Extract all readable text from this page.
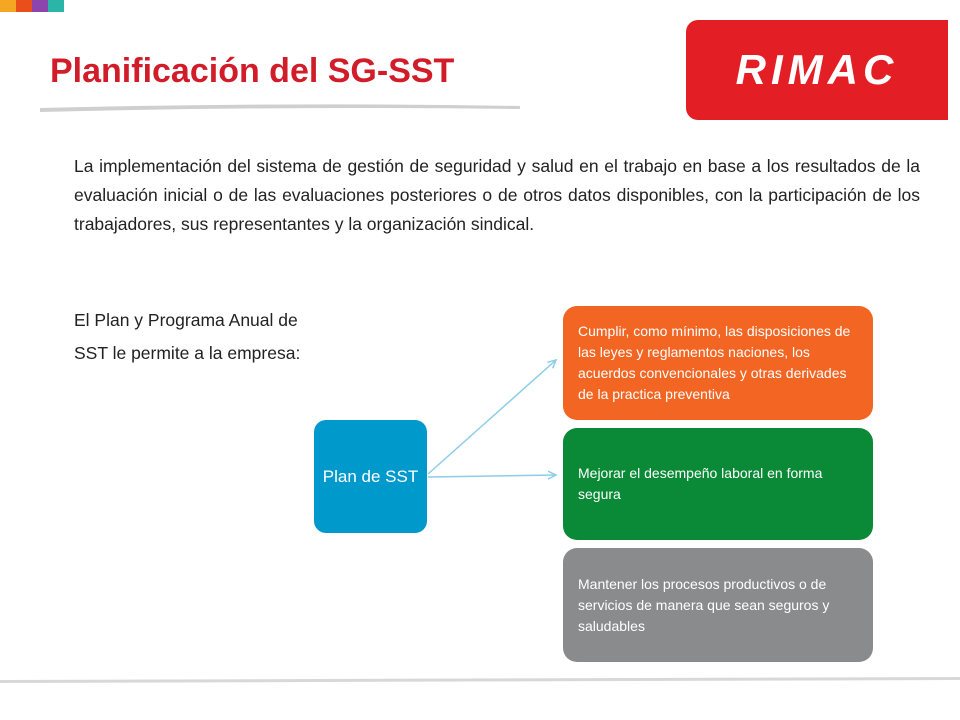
Planificación del SG-SST	RIMAC

La implementación del sistema de gestión de seguridad y salud en el trabajo en base a los resultados de la evaluación inicial o de las evaluaciones posteriores o de otros datos disponibles, con la participación de los trabajadores, sus representantes y la organización sindical.

El Plan y Programa Anual de SST le permite a la empresa:

Plan de SST
Cumplir, como mínimo, las disposiciones de las leyes y reglamentos naciones, los acuerdos convencionales y otras derivades de la practica preventiva
Mejorar el desempeño laboral en forma segura
Mantener los procesos productivos o de servicios de manera que sean seguros y saludables
